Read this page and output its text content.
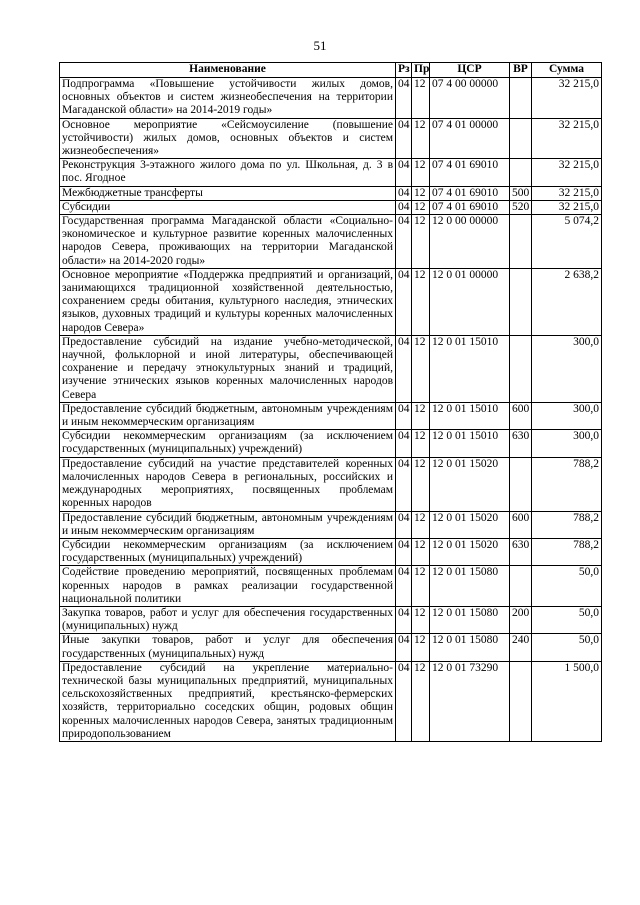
51
Наименование	Рз	Пр	ЦСР	ВР	Сумма
Подпрограмма «Повышение устойчивости жилых домов, основных объектов и систем жизнеобеспечения на территории Магаданской области» на 2014-2019 годы»	04	12	07 4 00 00000		32 215,0
Основное мероприятие «Сейсмоусиление (повышение устойчивости) жилых домов, основных объектов и систем жизнеобеспечения»	04	12	07 4 01 00000		32 215,0
Реконструкция 3-этажного жилого дома по ул. Школьная, д. 3 в пос. Ягодное	04	12	07 4 01 69010		32 215,0
Межбюджетные трансферты	04	12	07 4 01 69010	500	32 215,0
Субсидии	04	12	07 4 01 69010	520	32 215,0
Государственная программа Магаданской области «Социально-экономическое и культурное развитие коренных малочисленных народов Севера, проживающих на территории Магаданской области» на 2014-2020 годы»	04	12	12 0 00 00000		5 074,2
Основное мероприятие «Поддержка предприятий и организаций, занимающихся традиционной хозяйственной деятельностью, сохранением среды обитания, культурного наследия, этнических языков, духовных традиций и культуры коренных малочисленных народов Севера»	04	12	12 0 01 00000		2 638,2
Предоставление субсидий на издание учебно-методической, научной, фольклорной и иной литературы, обеспечивающей сохранение и передачу этнокультурных знаний и традиций, изучение этнических языков коренных малочисленных народов Севера	04	12	12 0 01 15010		300,0
Предоставление субсидий бюджетным, автономным учреждениям и иным некоммерческим организациям	04	12	12 0 01 15010	600	300,0
Субсидии некоммерческим организациям (за исключением государственных (муниципальных) учреждений)	04	12	12 0 01 15010	630	300,0
Предоставление субсидий на участие представителей коренных малочисленных народов Севера в региональных, российских и международных мероприятиях, посвященных проблемам коренных народов	04	12	12 0 01 15020		788,2
Предоставление субсидий бюджетным, автономным учреждениям и иным некоммерческим организациям	04	12	12 0 01 15020	600	788,2
Субсидии некоммерческим организациям (за исключением государственных (муниципальных) учреждений)	04	12	12 0 01 15020	630	788,2
Содействие проведению мероприятий, посвященных проблемам коренных народов в рамках реализации государственной национальной политики	04	12	12 0 01 15080		50,0
Закупка товаров, работ и услуг для обеспечения государственных (муниципальных) нужд	04	12	12 0 01 15080	200	50,0
Иные закупки товаров, работ и услуг для обеспечения государственных (муниципальных) нужд	04	12	12 0 01 15080	240	50,0
Предоставление субсидий на укрепление материально-технической базы муниципальных предприятий, муниципальных сельскохозяйственных предприятий, крестьянско-фермерских хозяйств, территориально соседских общин, родовых общин коренных малочисленных народов Севера, занятых традиционным природопользованием	04	12	12 0 01 73290		1 500,0
